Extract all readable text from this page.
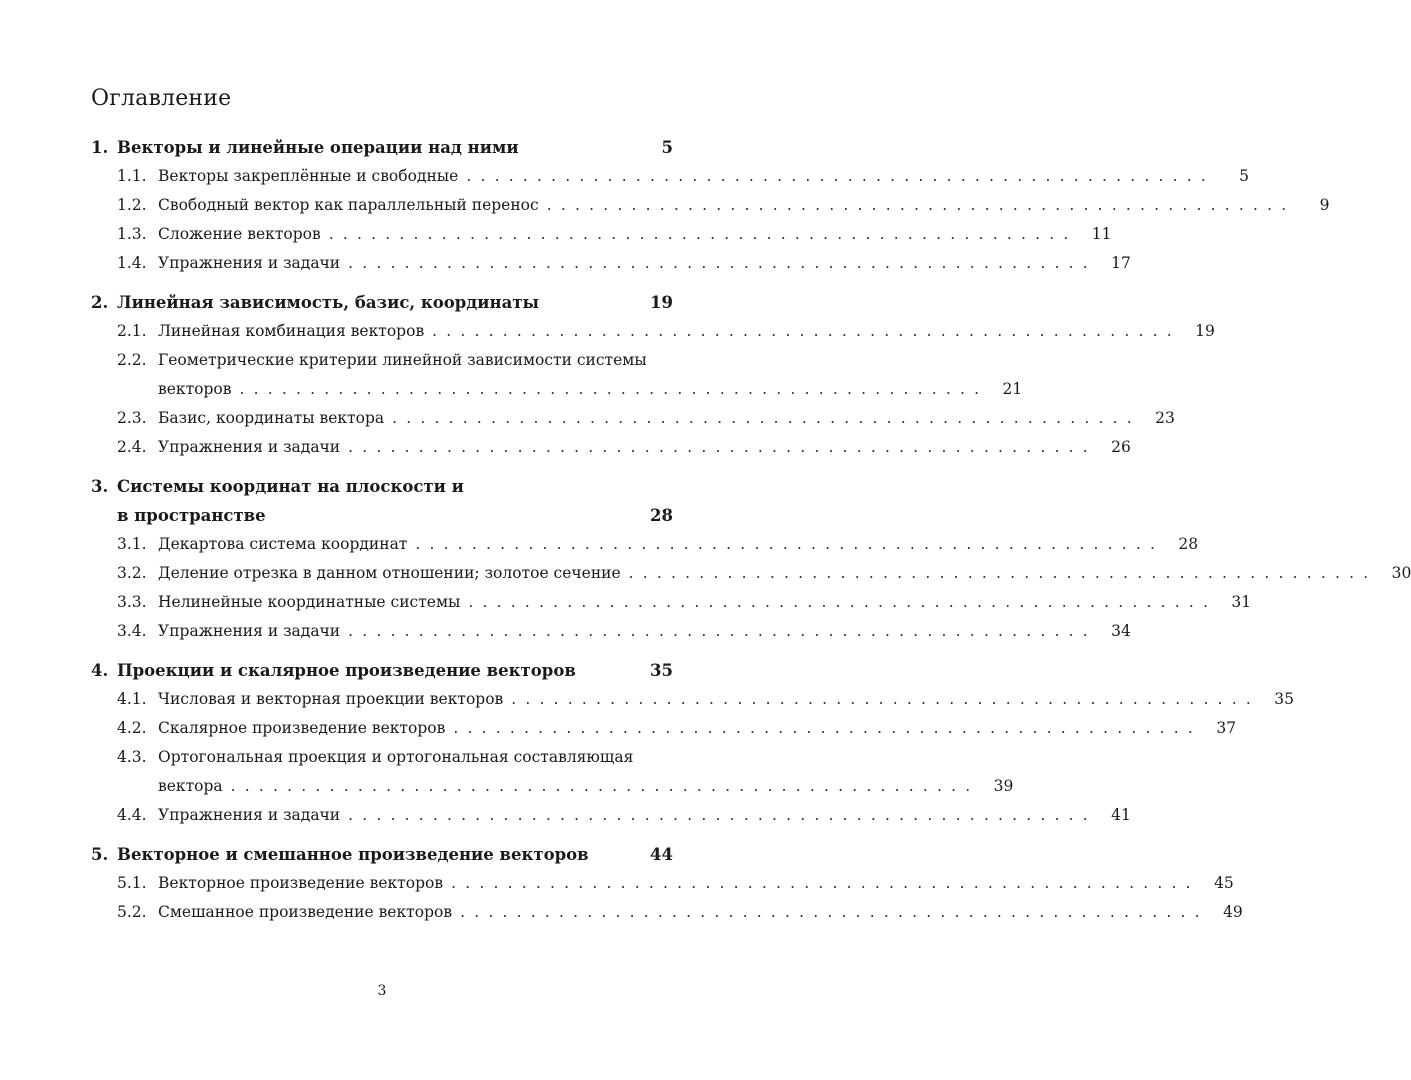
Оглавление
1. Векторы и линейные операции над ними	5
1.1. Векторы закреплённые и свободные .....................................................	5
1.2. Свободный вектор как параллельный перенос .....................................................	9
1.3. Сложение векторов ..................................................... 11
1.4. Упражнения и задачи ..................................................... 17
2. Линейная зависимость, базис, координаты	19
2.1. Линейная комбинация векторов ..................................................... 19
2.2. Геометрические критерии линейной зависимости системы
векторов ..................................................... 21
2.3. Базис, координаты вектора ..................................................... 23
2.4. Упражнения и задачи ..................................................... 26
3. Системы координат на плоскости и
в пространстве	28
3.1. Декартова система координат ..................................................... 28
3.2. Деление отрезка в данном отношении; золотое сечение ..................................................... 30
3.3. Нелинейные координатные системы ..................................................... 31
3.4. Упражнения и задачи ..................................................... 34
4. Проекции и скалярное произведение векторов	35
4.1. Числовая и векторная проекции векторов ..................................................... 35
4.2. Скалярное произведение векторов ..................................................... 37
4.3. Ортогональная проекция и ортогональная составляющая
вектора ..................................................... 39
4.4. Упражнения и задачи ..................................................... 41
5. Векторное и смешанное произведение векторов	44
5.1. Векторное произведение векторов ..................................................... 45
5.2. Смешанное произведение векторов ..................................................... 49
3
